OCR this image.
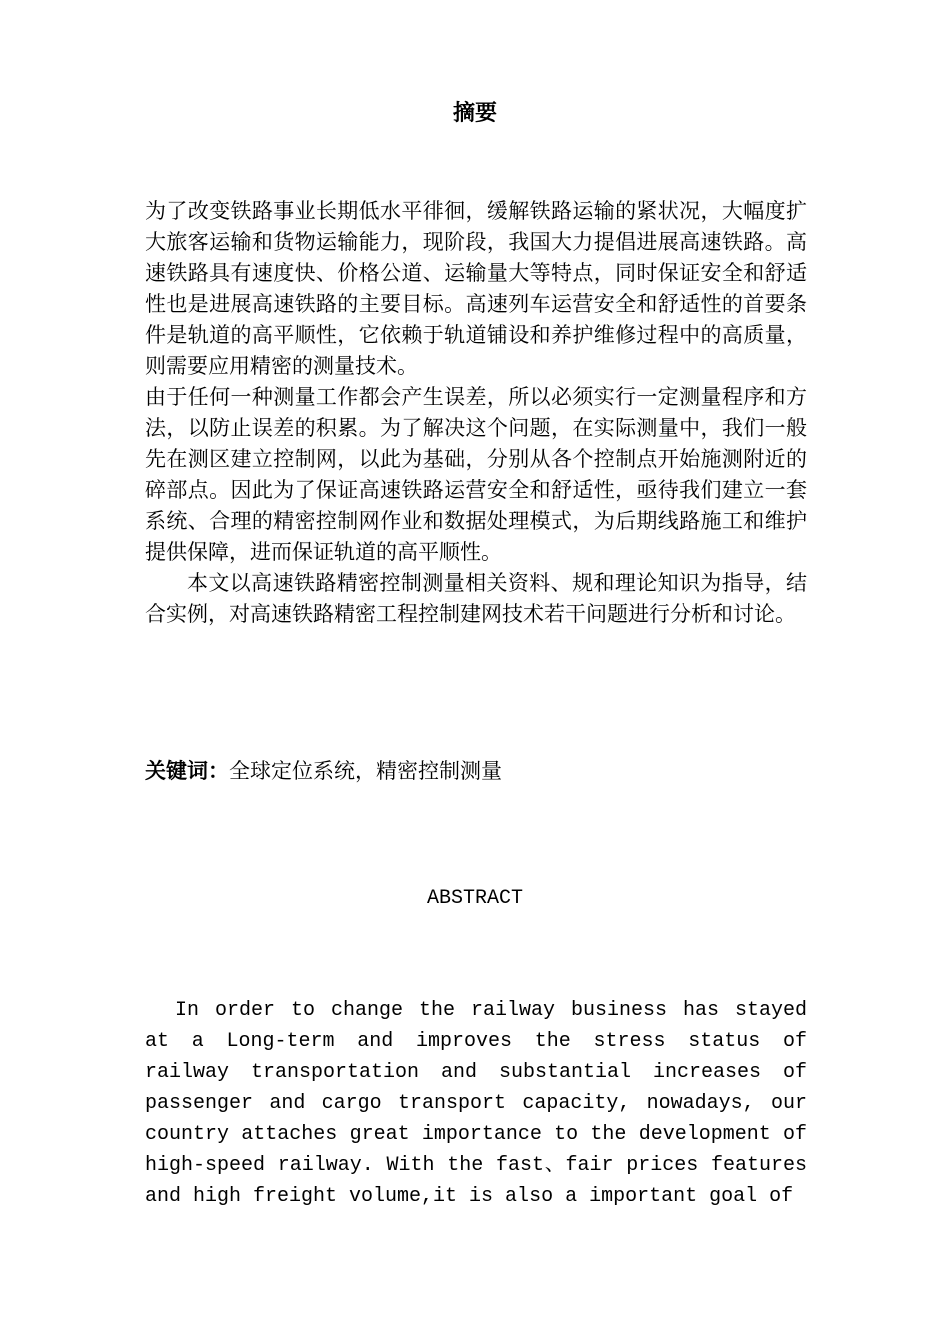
摘要

为了改变铁路事业长期低水平徘徊，缓解铁路运输的紧状况，大幅度扩大旅客运输和货物运输能力，现阶段，我国大力提倡进展高速铁路。高速铁路具有速度快、价格公道、运输量大等特点，同时保证安全和舒适性也是进展高速铁路的主要目标。高速列车运营安全和舒适性的首要条件是轨道的高平顺性，它依赖于轨道铺设和养护维修过程中的高质量，则需要应用精密的测量技术。

由于任何一种测量工作都会产生误差，所以必须实行一定测量程序和方法，以防止误差的积累。为了解决这个问题，在实际测量中，我们一般先在测区建立控制网，以此为基础，分别从各个控制点开始施测附近的碎部点。因此为了保证高速铁路运营安全和舒适性，亟待我们建立一套系统、合理的精密控制网作业和数据处理模式，为后期线路施工和维护提供保障，进而保证轨道的高平顺性。

本文以高速铁路精密控制测量相关资料、规和理论知识为指导，结合实例，对高速铁路精密工程控制建网技术若干问题进行分析和讨论。

关键词：全球定位系统，精密控制测量
ABSTRACT

In order to change the railway business has stayed at a Long-term and improves the stress status of railway transportation and substantial increases of passenger and cargo transport capacity, nowadays, our country attaches great importance to the development of high-speed railway. With the fast、fair prices features and high freight volume,it is also a important goal of
